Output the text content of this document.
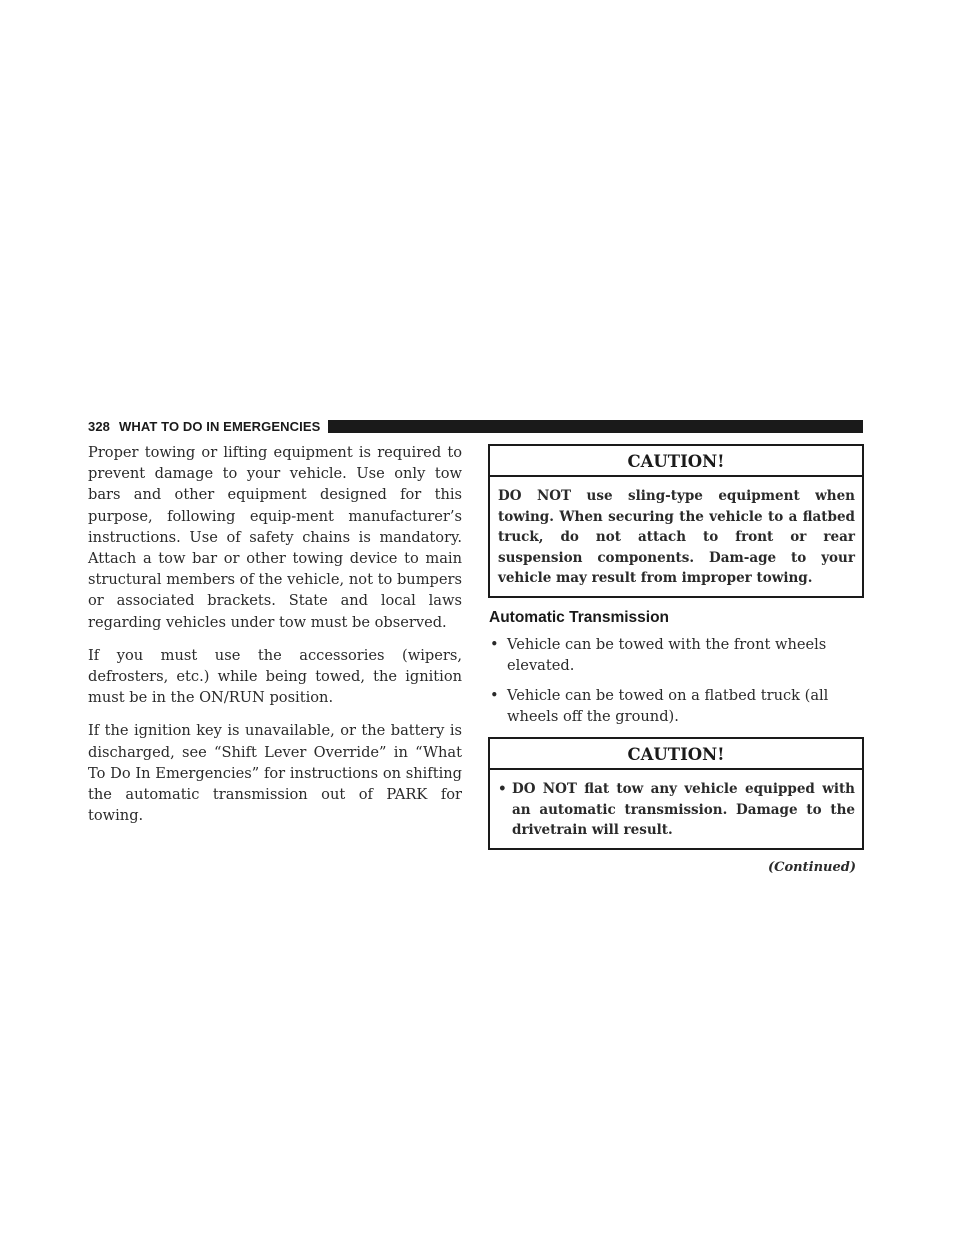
328 WHAT TO DO IN EMERGENCIES

Proper towing or lifting equipment is required to prevent damage to your vehicle. Use only tow bars and other equipment designed for this purpose, following equip-ment manufacturer’s instructions. Use of safety chains is mandatory. Attach a tow bar or other towing device to main structural members of the vehicle, not to bumpers or associated brackets. State and local laws regarding vehicles under tow must be observed.

If you must use the accessories (wipers, defrosters, etc.) while being towed, the ignition must be in the ON/RUN position.

If the ignition key is unavailable, or the battery is discharged, see “Shift Lever Override” in “What To Do In Emergencies” for instructions on shifting the automatic transmission out of PARK for towing.

CAUTION!
DO NOT use sling-type equipment when towing. When securing the vehicle to a flatbed truck, do not attach to front or rear suspension components. Dam-age to your vehicle may result from improper towing.
Automatic Transmission
• Vehicle can be towed with the front wheels elevated.
• Vehicle can be towed on a flatbed truck (all wheels off the ground).
CAUTION!
• DO NOT flat tow any vehicle equipped with an automatic transmission. Damage to the drivetrain will result.
(Continued)
